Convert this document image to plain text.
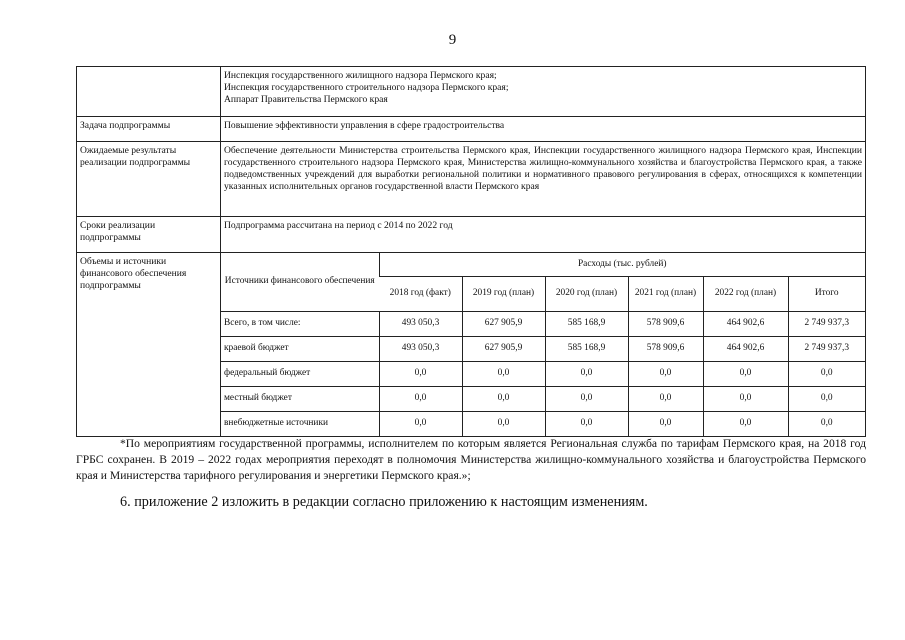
9

Инспекция государственного жилищного надзора Пермского края;
Инспекция государственного строительного надзора Пермского края;
Аппарат Правительства Пермского края

Задача подпрограммы	Повышение эффективности управления в сфере градостроительства
Ожидаемые результаты реализации подпрограммы	Обеспечение деятельности Министерства строительства Пермского края, Инспекции государственного жилищного надзора Пермского края, Инспекции государственного строительного надзора Пермского края, Министерства жилищно-коммунального хозяйства и благоустройства Пермского края, а также подведомственных учреждений для выработки региональной политики и нормативного правового регулирования в сферах, относящихся к компетенции указанных исполнительных органов государственной власти Пермского края
Сроки реализации подпрограммы	Подпрограмма рассчитана на период с 2014 по 2022 год
Объемы и источники финансового обеспечения подпрограммы		Источники финансового обеспечения	Расходы (тыс. рублей)
2018 год (факт)	2019 год (план)	2020 год (план)	2021 год (план)	2022 год (план)	Итого
Всего, в том числе:	493 050,3	627 905,9	585 168,9	578 909,6	464 902,6	2 749 937,3
краевой бюджет	493 050,3	627 905,9	585 168,9	578 909,6	464 902,6	2 749 937,3
федеральный бюджет	0,0	0,0	0,0	0,0	0,0	0,0
местный бюджет	0,0	0,0	0,0	0,0	0,0	0,0
внебюджетные источники	0,0	0,0	0,0	0,0	0,0	0,0
*По мероприятиям государственной программы, исполнителем по которым является Региональная служба по тарифам Пермского края, на 2018 год ГРБС сохранен. В 2019 – 2022 годах мероприятия переходят в полномочия Министерства жилищно-коммунального хозяйства и благоустройства Пермского края и Министерства тарифного регулирования и энергетики Пермского края.»;
6. приложение 2 изложить в редакции согласно приложению к настоящим изменениям.
